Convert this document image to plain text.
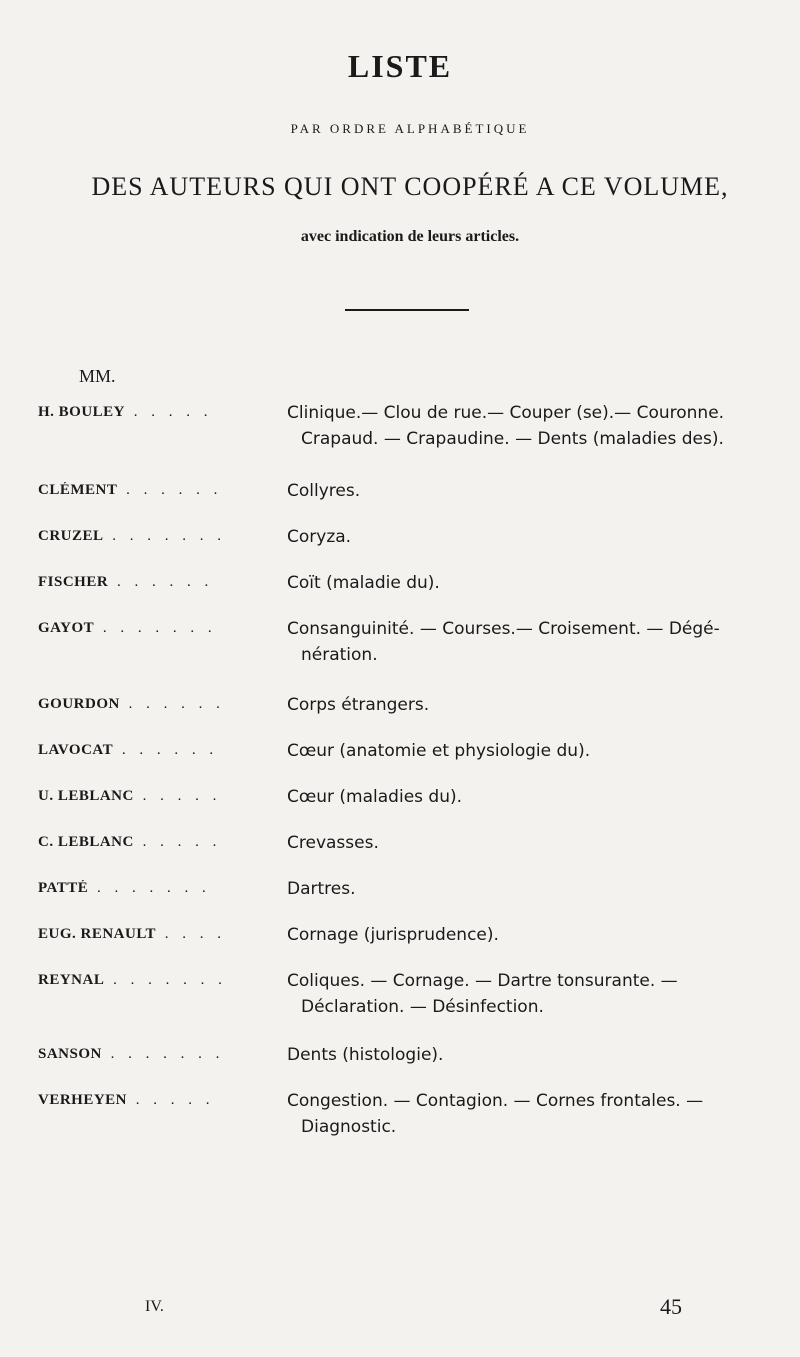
LISTE
PAR ORDRE ALPHABÉTIQUE
DES AUTEURS QUI ONT COOPÉRÉ A CE VOLUME,
avec indication de leurs articles.
MM.
H. BOULEY . . . . .	Clinique.— Clou de rue.— Couper (se).— Couronne.
Crapaud. — Crapaudine. — Dents (maladies des).
CLÉMENT . . . . . .	Collyres.
CRUZEL . . . . . . .	Coryza.
FISCHER . . . . . .	Coït (maladie du).
GAYOT . . . . . . .	Consanguinité. — Courses.— Croisement. — Dégé-
nération.
GOURDON . . . . . .	Corps étrangers.
LAVOCAT . . . . . .	Cœur (anatomie et physiologie du).
U. LEBLANC . . . . .	Cœur (maladies du).
C. LEBLANC . . . . .	Crevasses.
PATTÉ . . . . . . .	Dartres.
EUG. RENAULT . . . .	Cornage (jurisprudence).
REYNAL . . . . . . .	Coliques. — Cornage. — Dartre tonsurante. —
Déclaration. — Désinfection.
SANSON . . . . . . .	Dents (histologie).
VERHEYEN . . . . .	Congestion. — Contagion. — Cornes frontales. —
Diagnostic.
IV.	45
